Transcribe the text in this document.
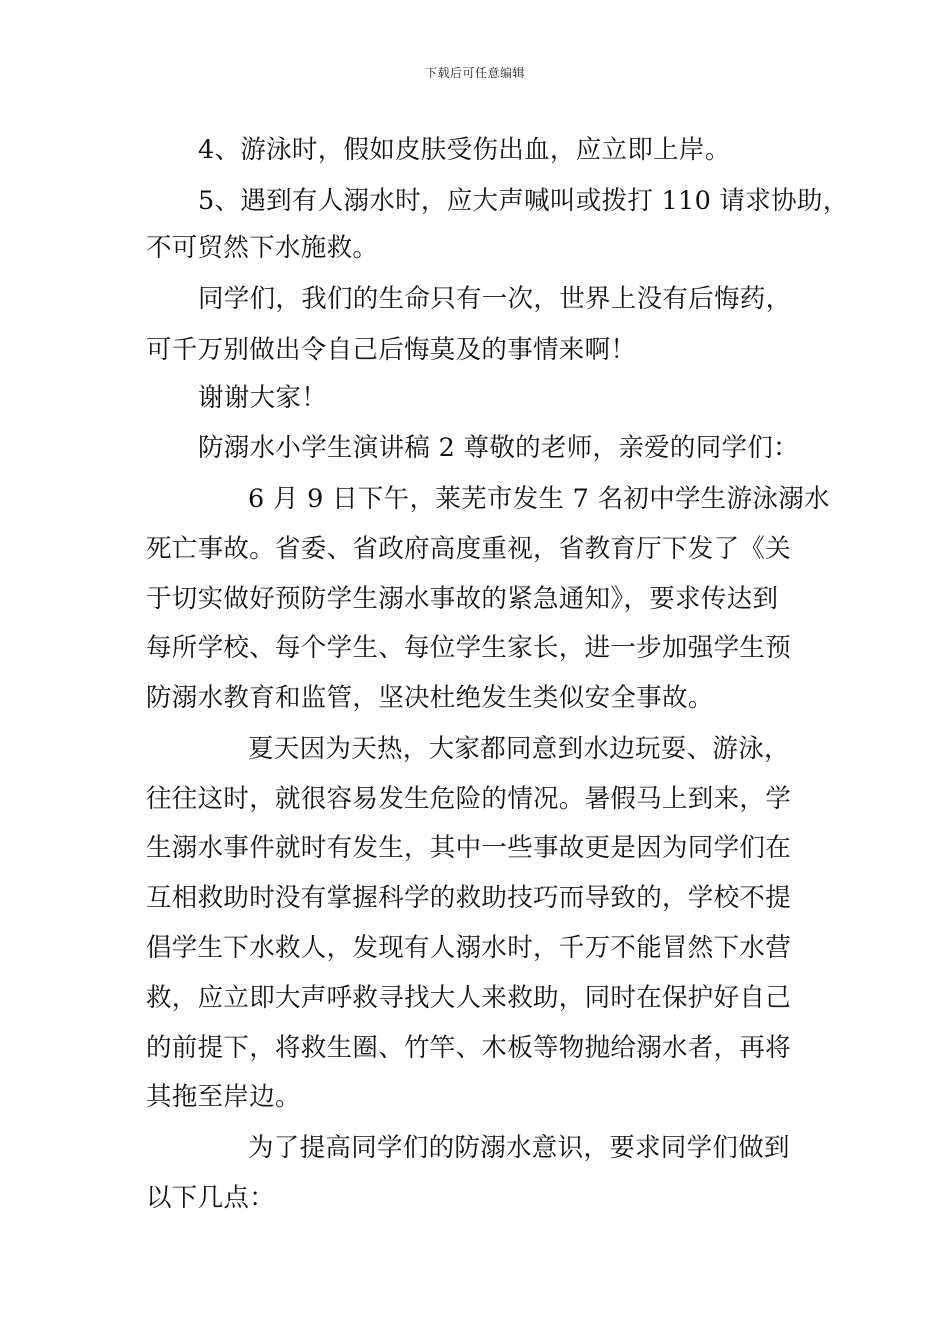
下载后可任意编辑
4、游泳时，假如皮肤受伤出血，应立即上岸。
5、遇到有人溺水时，应大声喊叫或拨打 110 请求协助，
不可贸然下水施救。
同学们，我们的生命只有一次，世界上没有后悔药，
可千万别做出令自己后悔莫及的事情来啊！
谢谢大家！
防溺水小学生演讲稿 2 尊敬的老师，亲爱的同学们：
6 月 9 日下午，莱芜市发生 7 名初中学生游泳溺水
死亡事故。省委、省政府高度重视，省教育厅下发了《关
于切实做好预防学生溺水事故的紧急通知》，要求传达到
每所学校、每个学生、每位学生家长，进一步加强学生预
防溺水教育和监管，坚决杜绝发生类似安全事故。
夏天因为天热，大家都同意到水边玩耍、游泳，
往往这时，就很容易发生危险的情况。暑假马上到来，学
生溺水事件就时有发生，其中一些事故更是因为同学们在
互相救助时没有掌握科学的救助技巧而导致的，学校不提
倡学生下水救人，发现有人溺水时，千万不能冒然下水营
救，应立即大声呼救寻找大人来救助，同时在保护好自己
的前提下，将救生圈、竹竿、木板等物抛给溺水者，再将
其拖至岸边。
为了提高同学们的防溺水意识，要求同学们做到
以下几点：
